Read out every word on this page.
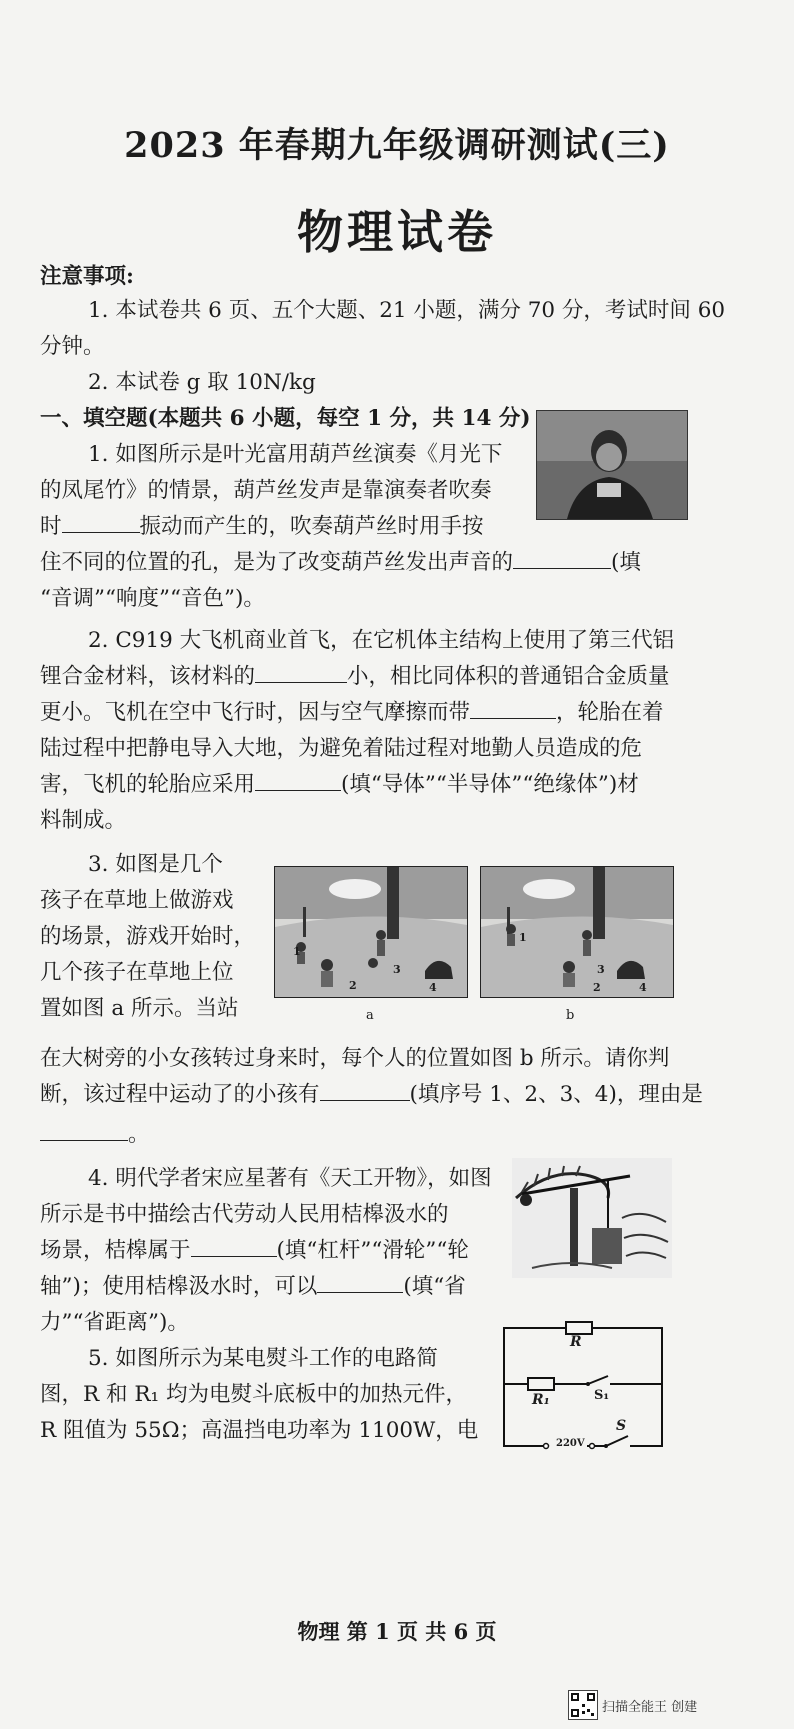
2023 年春期九年级调研测试(三)
物理试卷
注意事项:
1. 本试卷共 6 页、五个大题、21 小题，满分 70 分，考试时间 60
分钟。
2. 本试卷 g 取 10N/kg
一、填空题(本题共 6 小题，每空 1 分，共 14 分)
1. 如图所示是叶光富用葫芦丝演奏《月光下
的凤尾竹》的情景，葫芦丝发声是靠演奏者吹奏
时	振动而产生的，吹奏葫芦丝时用手按
住不同的位置的孔，是为了改变葫芦丝发出声音的	(填
“音调”“响度”“音色”)。
2. C919 大飞机商业首飞，在它机体主结构上使用了第三代铝
锂合金材料，该材料的	小，相比同体积的普通铝合金质量
更小。飞机在空中飞行时，因与空气摩擦而带	，轮胎在着
陆过程中把静电导入大地，为避免着陆过程对地勤人员造成的危
害，飞机的轮胎应采用	(填“导体”“半导体”“绝缘体”)材
料制成。
3. 如图是几个
孩子在草地上做游戏
的场景，游戏开始时，
几个孩子在草地上位
置如图 a 所示。当站
1
2
3
4
a
1
2
3
4
b
在大树旁的小女孩转过身来时，每个人的位置如图 b 所示。请你判
断，该过程中运动了的小孩有	(填序号 1、2、3、4)，理由是
。
4. 明代学者宋应星著有《天工开物》，如图
所示是书中描绘古代劳动人民用桔槔汲水的
场景，桔槔属于	(填“杠杆”“滑轮”“轮
轴”)；使用桔槔汲水时，可以	(填“省
力”“省距离”)。
R
R₁	S₁
S
220V
5. 如图所示为某电熨斗工作的电路简
图，R 和 R₁ 均为电熨斗底板中的加热元件，
R 阻值为 55Ω；高温挡电功率为 1100W，电
物理 第 1 页 共 6 页
扫描全能王 创建
